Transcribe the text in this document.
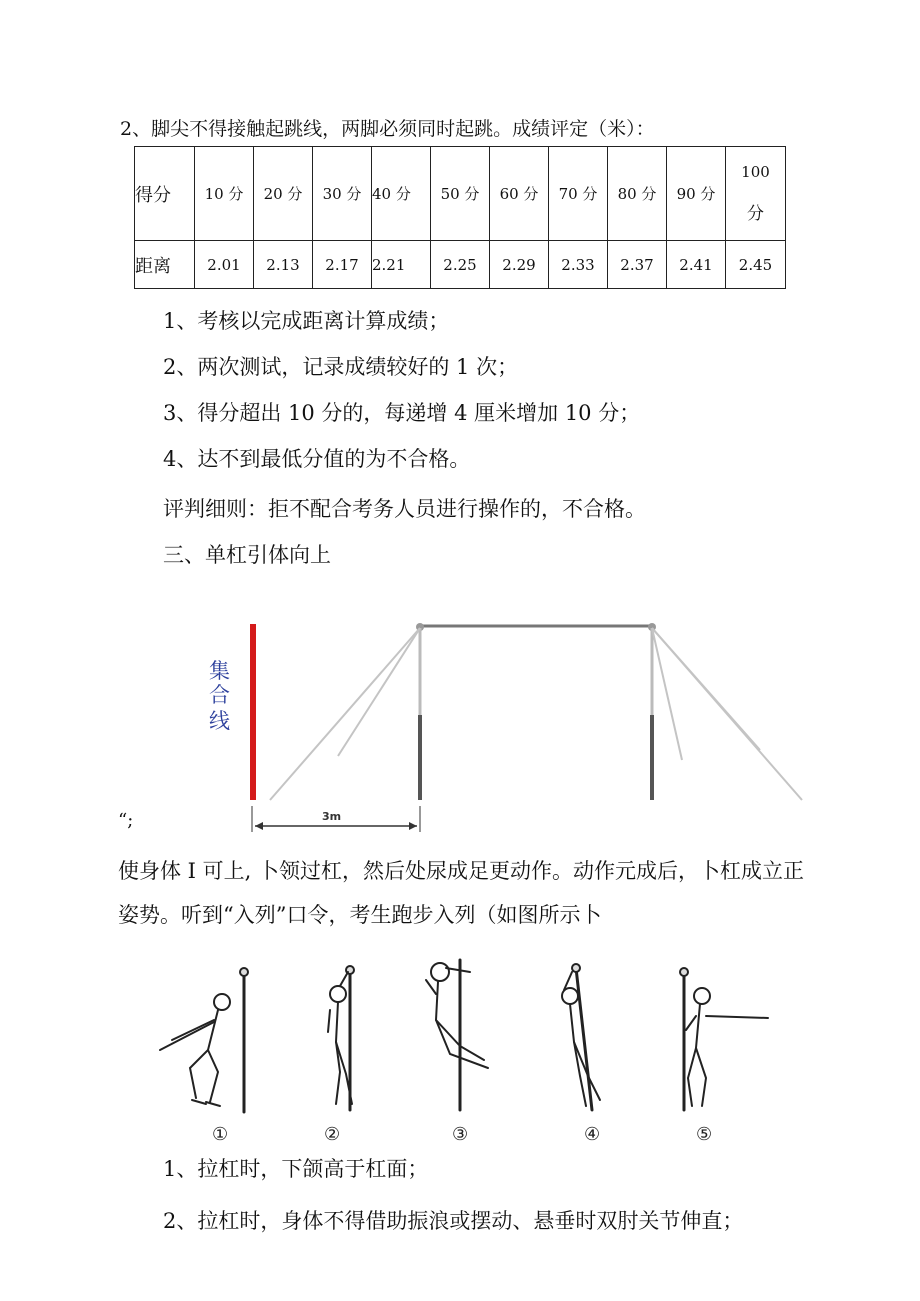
2、脚尖不得接触起跳线，两脚必须同时起跳。成绩评定（米）：
得分	10 分	20 分	30 分	40 分	50 分	60 分	70 分	80 分	90 分	100
分

距离	2.01	2.13	2.17	2.21	2.25	2.29	2.33	2.37	2.41	2.45
1、考核以完成距离计算成绩；
2、两次测试，记录成绩较好的 1 次；
3、得分超出 10 分的，每递增 4 厘米增加 10 分；
4、达不到最低分值的为不合格。
评判细则：拒不配合考务人员进行操作的，不合格。
三、单杠引体向上
集
合
线
3m
“;
使身体 I 可上, 卜领过杠，然后处尿成足更动作。动作元成后，卜杠成立正
姿势。听到“入列”口令，考生跑步入列（如图所示卜
①	②	③	④	⑤
1、拉杠时，下颌高于杠面；
2、拉杠时，身体不得借助振浪或摆动、悬垂时双肘关节伸直；
